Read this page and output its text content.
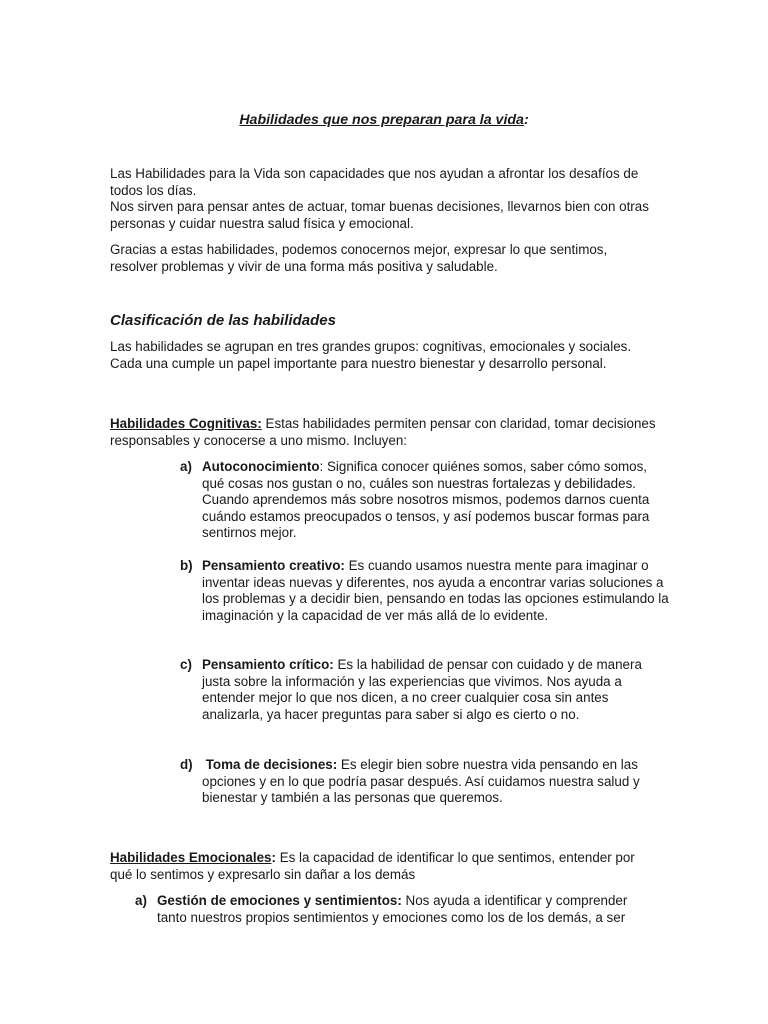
Habilidades que nos preparan para la vida:

Las Habilidades para la Vida son capacidades que nos ayudan a afrontar los desafíos de todos los días.

Nos sirven para pensar antes de actuar, tomar buenas decisiones, llevarnos bien con otras personas y cuidar nuestra salud física y emocional.

Gracias a estas habilidades, podemos conocernos mejor, expresar lo que sentimos, resolver problemas y vivir de una forma más positiva y saludable.

Clasificación de las habilidades

Las habilidades se agrupan en tres grandes grupos: cognitivas, emocionales y sociales. Cada una cumple un papel importante para nuestro bienestar y desarrollo personal.

Habilidades Cognitivas: Estas habilidades permiten pensar con claridad, tomar decisiones responsables y conocerse a uno mismo. Incluyen:

a) Autoconocimiento: Significa conocer quiénes somos, saber cómo somos, qué cosas nos gustan o no, cuáles son nuestras fortalezas y debilidades. Cuando aprendemos más sobre nosotros mismos, podemos darnos cuenta cuándo estamos preocupados o tensos, y así podemos buscar formas para sentirnos mejor.
b) Pensamiento creativo: Es cuando usamos nuestra mente para imaginar o inventar ideas nuevas y diferentes, nos ayuda a encontrar varias soluciones a los problemas y a decidir bien, pensando en todas las opciones estimulando la imaginación y la capacidad de ver más allá de lo evidente.
c) Pensamiento crítico: Es la habilidad de pensar con cuidado y de manera justa sobre la información y las experiencias que vivimos. Nos ayuda a entender mejor lo que nos dicen, a no creer cualquier cosa sin antes analizarla, ya hacer preguntas para saber si algo es cierto o no.
d) Toma de decisiones: Es elegir bien sobre nuestra vida pensando en las opciones y en lo que podría pasar después. Así cuidamos nuestra salud y bienestar y también a las personas que queremos.

Habilidades Emocionales: Es la capacidad de identificar lo que sentimos, entender por qué lo sentimos y expresarlo sin dañar a los demás

a) Gestión de emociones y sentimientos: Nos ayuda a identificar y comprender tanto nuestros propios sentimientos y emociones como los de los demás, a ser
